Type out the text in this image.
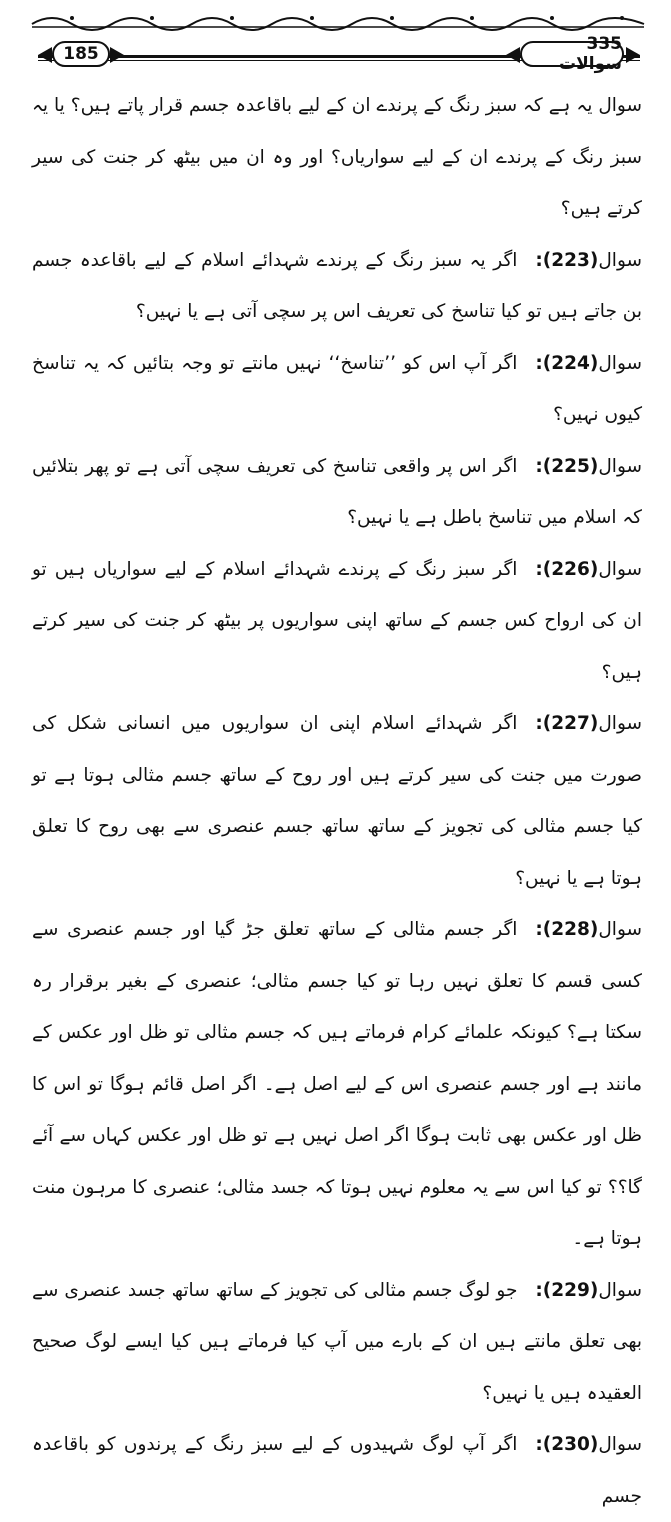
185	335 سوالات

سوال یہ ہے کہ سبز رنگ کے پرندے ان کے لیے باقاعدہ جسم قرار پاتے ہیں؟ یا یہ سبز رنگ کے پرندے ان کے لیے سواریاں؟ اور وہ ان میں بیٹھ کر جنت کی سیر کرتے ہیں؟

سوال(223):اگر یہ سبز رنگ کے پرندے شہدائے اسلام کے لیے باقاعدہ جسم بن جاتے ہیں تو کیا تناسخ کی تعریف اس پر سچی آتی ہے یا نہیں؟

سوال(224):اگر آپ اس کو ’’تناسخ‘‘ نہیں مانتے تو وجہ بتائیں کہ یہ تناسخ کیوں نہیں؟

سوال(225):اگر اس پر واقعی تناسخ کی تعریف سچی آتی ہے تو پھر بتلائیں کہ اسلام میں تناسخ باطل ہے یا نہیں؟

سوال(226):اگر سبز رنگ کے پرندے شہدائے اسلام کے لیے سواریاں ہیں تو ان کی ارواح کس جسم کے ساتھ اپنی سواریوں پر بیٹھ کر جنت کی سیر کرتے ہیں؟

سوال(227):اگر شہدائے اسلام اپنی ان سواریوں میں انسانی شکل کی صورت میں جنت کی سیر کرتے ہیں اور روح کے ساتھ جسم مثالی ہوتا ہے تو کیا جسم مثالی کی تجویز کے ساتھ ساتھ جسم عنصری سے بھی روح کا تعلق ہوتا ہے یا نہیں؟

سوال(228):اگر جسم مثالی کے ساتھ تعلق جڑ گیا اور جسم عنصری سے کسی قسم کا تعلق نہیں رہا تو کیا جسم مثالی؛ عنصری کے بغیر برقرار رہ سکتا ہے؟ کیونکہ علمائے کرام فرماتے ہیں کہ جسم مثالی تو ظل اور عکس کے مانند ہے اور جسم عنصری اس کے لیے اصل ہے۔ اگر اصل قائم ہوگا تو اس کا ظل اور عکس بھی ثابت ہوگا اگر اصل نہیں ہے تو ظل اور عکس کہاں سے آئے گا؟؟ تو کیا اس سے یہ معلوم نہیں ہوتا کہ جسد مثالی؛ عنصری کا مرہون منت ہوتا ہے۔

سوال(229):جو لوگ جسم مثالی کی تجویز کے ساتھ ساتھ جسد عنصری سے بھی تعلق مانتے ہیں ان کے بارے میں آپ کیا فرماتے ہیں کیا ایسے لوگ صحیح العقیدہ ہیں یا نہیں؟

سوال(230):اگر آپ لوگ شہیدوں کے لیے سبز رنگ کے پرندوں کو باقاعدہ جسم
